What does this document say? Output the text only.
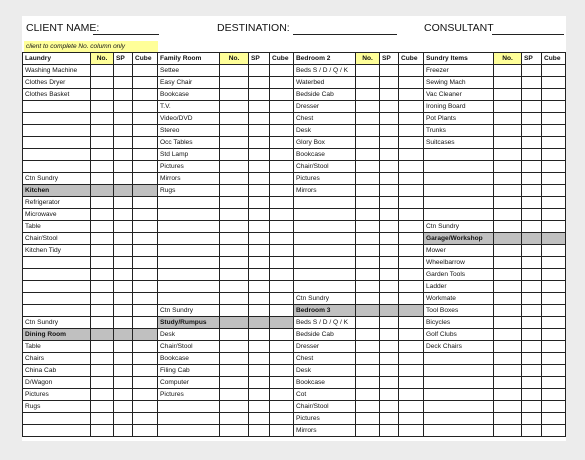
CLIENT NAME:	DESTINATION:	CONSULTANT
client to complete No. column only
Laundry	No.	SP	Cube	Family Room	No.	SP	Cube	Bedroom 2	No.	SP	Cube	Sundry Items	No.	SP	Cube
Washing Machine				Settee				Beds S / D / Q / K				Freezer			
Clothes Dryer				Easy Chair				Waterbed				Sewing Mach			
Clothes Basket				Bookcase				Bedside Cab				Vac Cleaner			
				T.V.				Dresser				Ironing Board			
				Video/DVD				Chest				Pot Plants			
				Stereo				Desk				Trunks			
				Occ Tables				Glory Box				Suitcases			
				Std Lamp				Bookcase							
				Pictures				Chair/Stool							
Ctn Sundry				Mirrors				Pictures							
Kitchen				Rugs				Mirrors							
Refrigerator															
Microwave															
Table												Ctn Sundry			
Chair/Stool												Garage/Workshop			
Kitchen Tidy												Mower			
												Wheelbarrow			
												Garden Tools			
												Ladder			
								Ctn Sundry				Workmate			
				Ctn Sundry				Bedroom 3				Tool Boxes			
Ctn Sundry				Study/Rumpus				Beds S / D / Q / K				Bicycles			
Dining Room				Desk				Bedside Cab				Golf Clubs			
Table				Chair/Stool				Dresser				Deck Chairs			
Chairs				Bookcase				Chest							
China Cab				Filing Cab				Desk							
D/Wagon				Computer				Bookcase							
Pictures				Pictures				Cot							
Rugs								Chair/Stool							
								Pictures							
								Mirrors							
